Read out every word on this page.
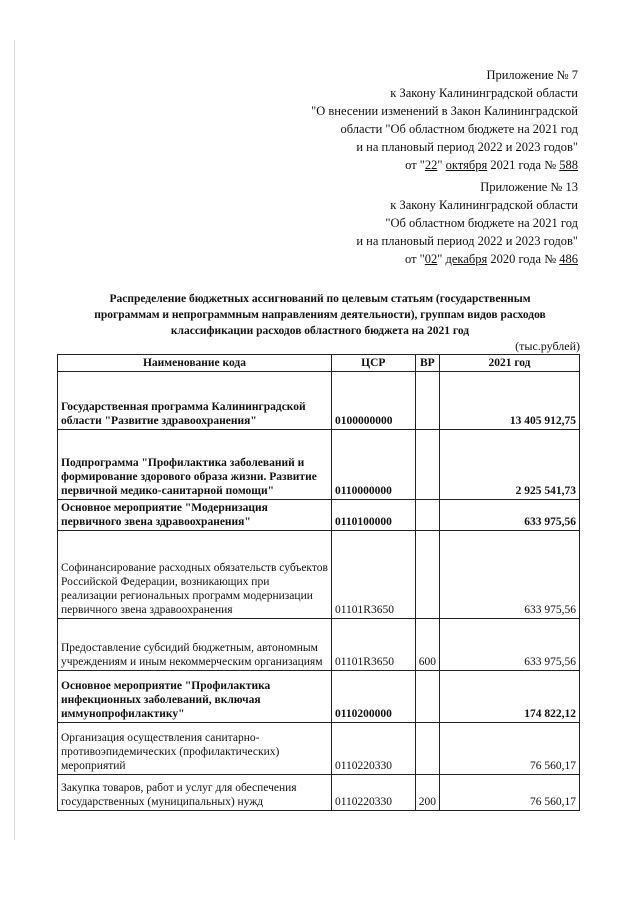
Приложение № 7
к Закону Калининградской области
"О внесении изменений в Закон Калининградской
области "Об областном бюджете на 2021 год
и на плановый период 2022 и 2023 годов"
от "22" октября 2021 года № 588
Приложение № 13
к Закону Калининградской области
"Об областном бюджете на 2021 год
и на плановый период 2022 и 2023 годов"
от "02" декабря 2020 года № 486
Распределение бюджетных ассигнований по целевым статьям (государственным
программам и непрограммным направлениям деятельности), группам видов расходов
классификации расходов областного бюджета на 2021 год
(тыс.рублей)
Наименование кода	ЦСР	ВР	2021 год
Государственная программа Калининградской области "Развитие здравоохранения"	0100000000		13 405 912,75
Подпрограмма "Профилактика заболеваний и формирование здорового образа жизни. Развитие первичной медико-санитарной помощи"	0110000000		2 925 541,73
Основное мероприятие "Модернизация первичного звена здравоохранения"	0110100000		633 975,56
Софинансирование расходных обязательств субъектов Российской Федерации, возникающих при реализации региональных программ модернизации первичного звена здравоохранения	01101R3650		633 975,56
Предоставление субсидий бюджетным, автономным учреждениям и иным некоммерческим организациям	01101R3650	600	633 975,56
Основное мероприятие "Профилактика инфекционных заболеваний, включая иммунопрофилактику"	0110200000		174 822,12
Организация осуществления санитарно-противоэпидемических (профилактических) мероприятий	0110220330		76 560,17
Закупка товаров, работ и услуг для обеспечения государственных (муниципальных) нужд	0110220330	200	76 560,17
